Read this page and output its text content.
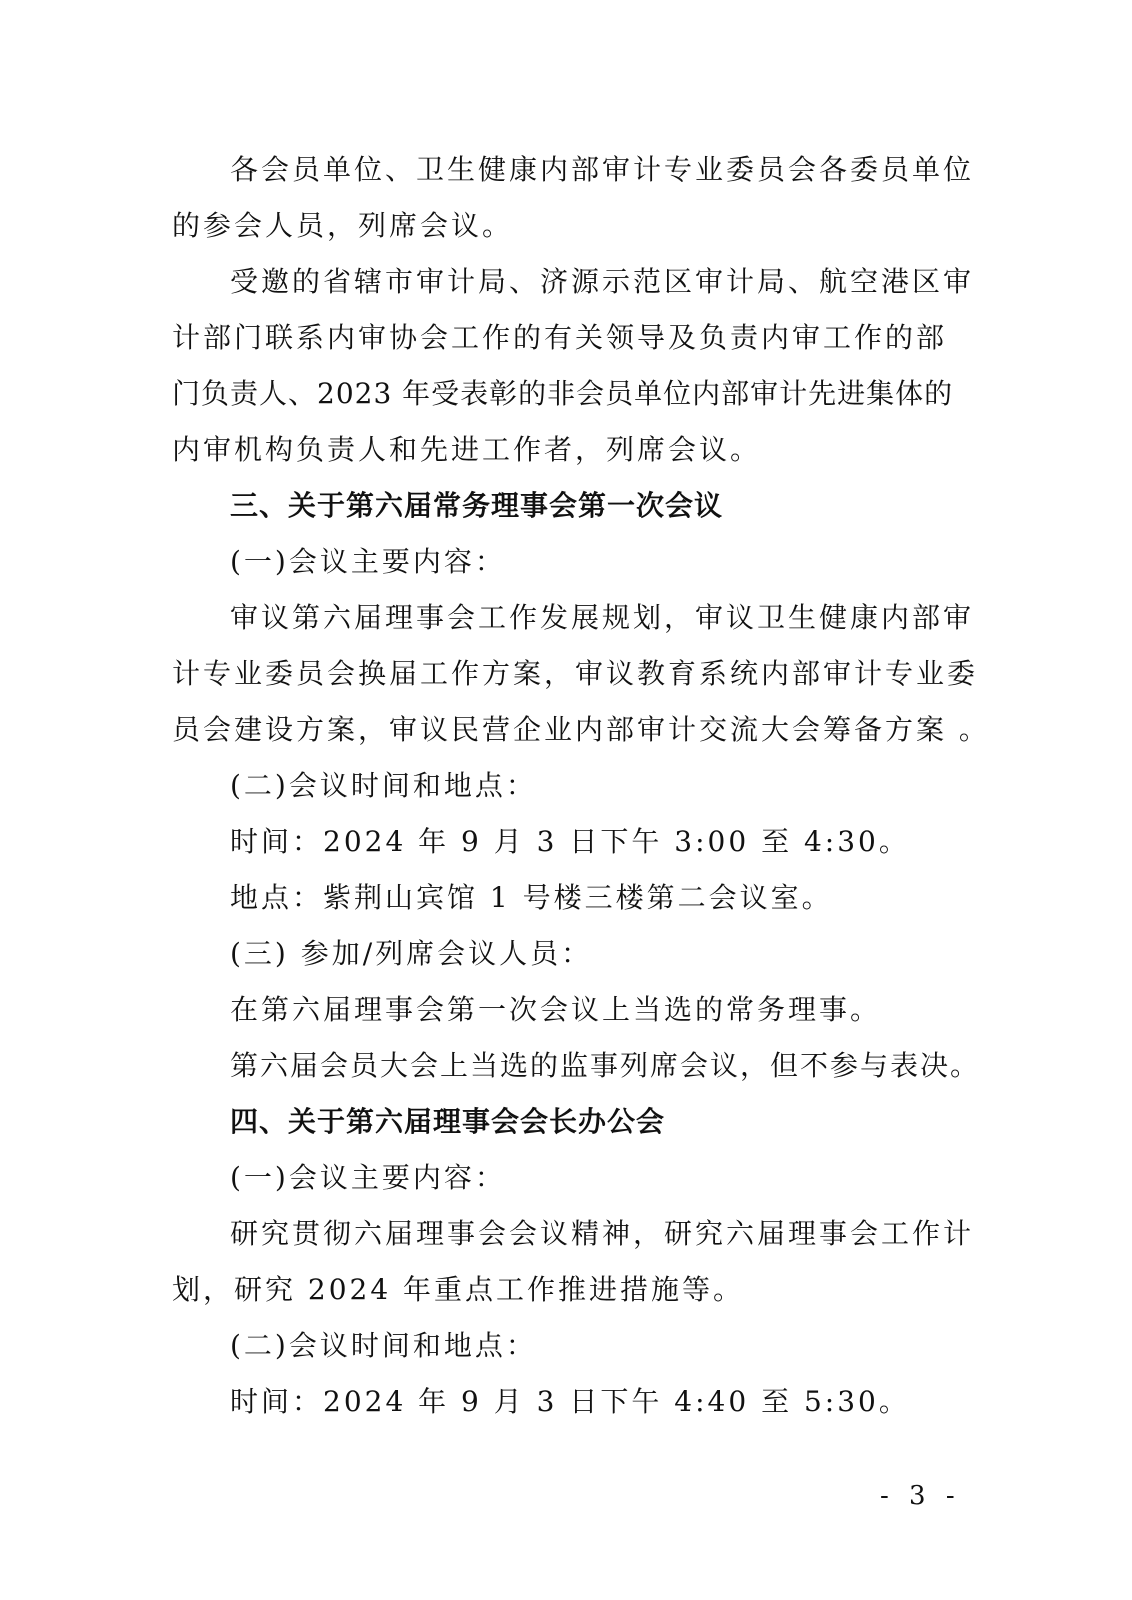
各会员单位、卫生健康内部审计专业委员会各委员单位
的参会人员，列席会议。
受邀的省辖市审计局、济源示范区审计局、航空港区审
计部门联系内审协会工作的有关领导及负责内审工作的部
门负责人、2023 年受表彰的非会员单位内部审计先进集体的
内审机构负责人和先进工作者，列席会议。
三、关于第六届常务理事会第一次会议
(一)会议主要内容：
审议第六届理事会工作发展规划，审议卫生健康内部审
计专业委员会换届工作方案，审议教育系统内部审计专业委
员会建设方案，审议民营企业内部审计交流大会筹备方案 。
(二)会议时间和地点：
时间：2024 年 9 月 3 日下午 3:00 至 4:30。
地点：紫荆山宾馆 1 号楼三楼第二会议室。
(三) 参加/列席会议人员：
在第六届理事会第一次会议上当选的常务理事。
第六届会员大会上当选的监事列席会议，但不参与表决。
四、关于第六届理事会会长办公会
(一)会议主要内容：
研究贯彻六届理事会会议精神，研究六届理事会工作计
划，研究 2024 年重点工作推进措施等。
(二)会议时间和地点：
时间：2024 年 9 月 3 日下午 4:40 至 5:30。
- 3 -
